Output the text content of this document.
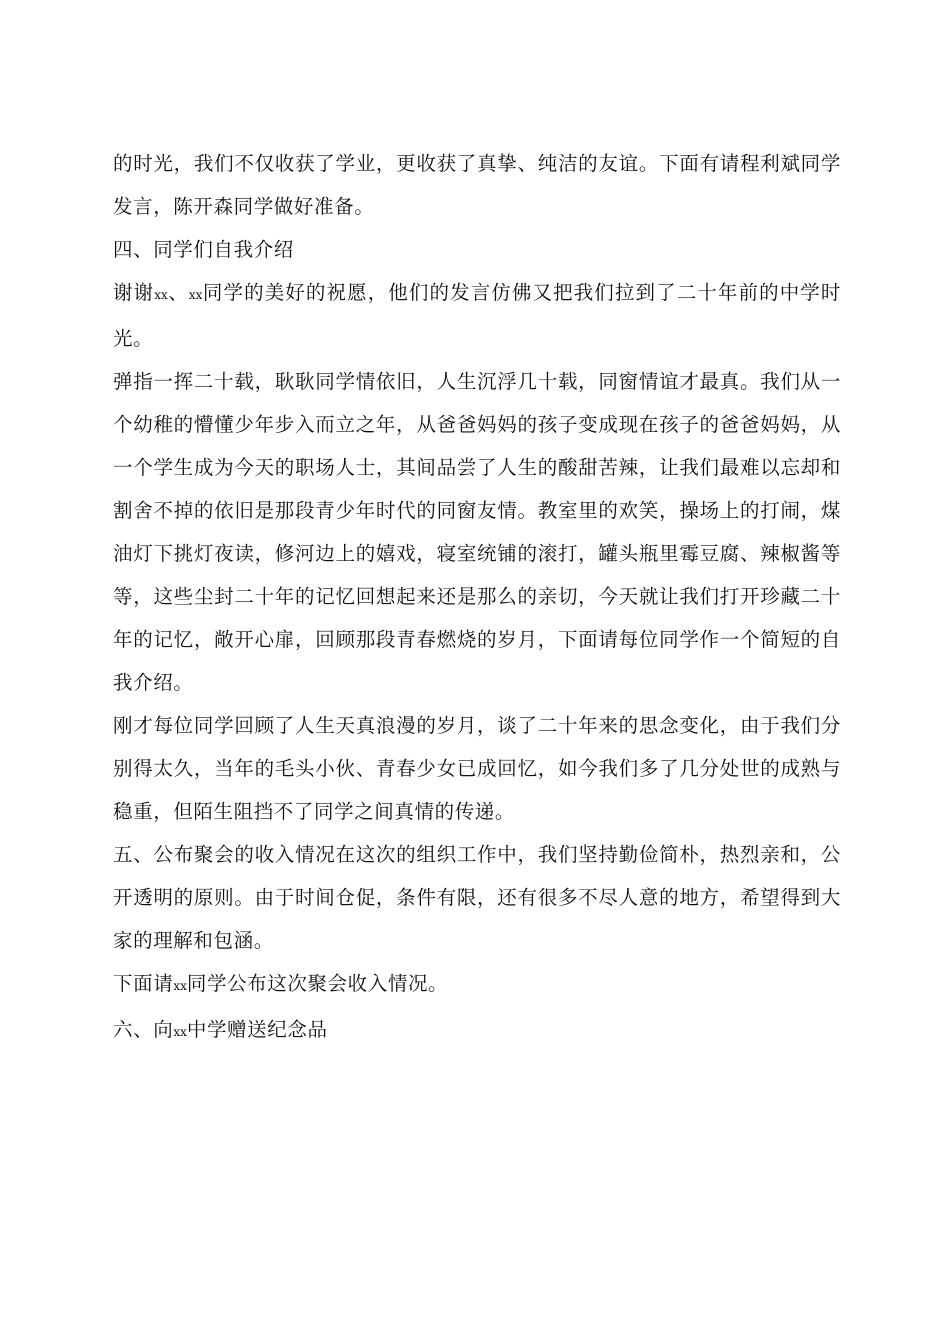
的时光，我们不仅收获了学业，更收获了真挚、纯洁的友谊。下面有请程利斌同学发言，陈开森同学做好准备。

四、同学们自我介绍

谢谢xx、xx同学的美好的祝愿，他们的发言仿佛又把我们拉到了二十年前的中学时光。

弹指一挥二十载，耿耿同学情依旧，人生沉浮几十载，同窗情谊才最真。我们从一个幼稚的懵懂少年步入而立之年，从爸爸妈妈的孩子变成现在孩子的爸爸妈妈，从一个学生成为今天的职场人士，其间品尝了人生的酸甜苦辣，让我们最难以忘却和割舍不掉的依旧是那段青少年时代的同窗友情。教室里的欢笑，操场上的打闹，煤油灯下挑灯夜读，修河边上的嬉戏，寝室统铺的滚打，罐头瓶里霉豆腐、辣椒酱等等，这些尘封二十年的记忆回想起来还是那么的亲切，今天就让我们打开珍藏二十年的记忆，敞开心扉，回顾那段青春燃烧的岁月，下面请每位同学作一个简短的自我介绍。

刚才每位同学回顾了人生天真浪漫的岁月，谈了二十年来的思念变化，由于我们分别得太久，当年的毛头小伙、青春少女已成回忆，如今我们多了几分处世的成熟与稳重，但陌生阻挡不了同学之间真情的传递。

五、公布聚会的收入情况在这次的组织工作中，我们坚持勤俭简朴，热烈亲和，公开透明的原则。由于时间仓促，条件有限，还有很多不尽人意的地方，希望得到大家的理解和包涵。

下面请xx同学公布这次聚会收入情况。

六、向xx中学赠送纪念品
